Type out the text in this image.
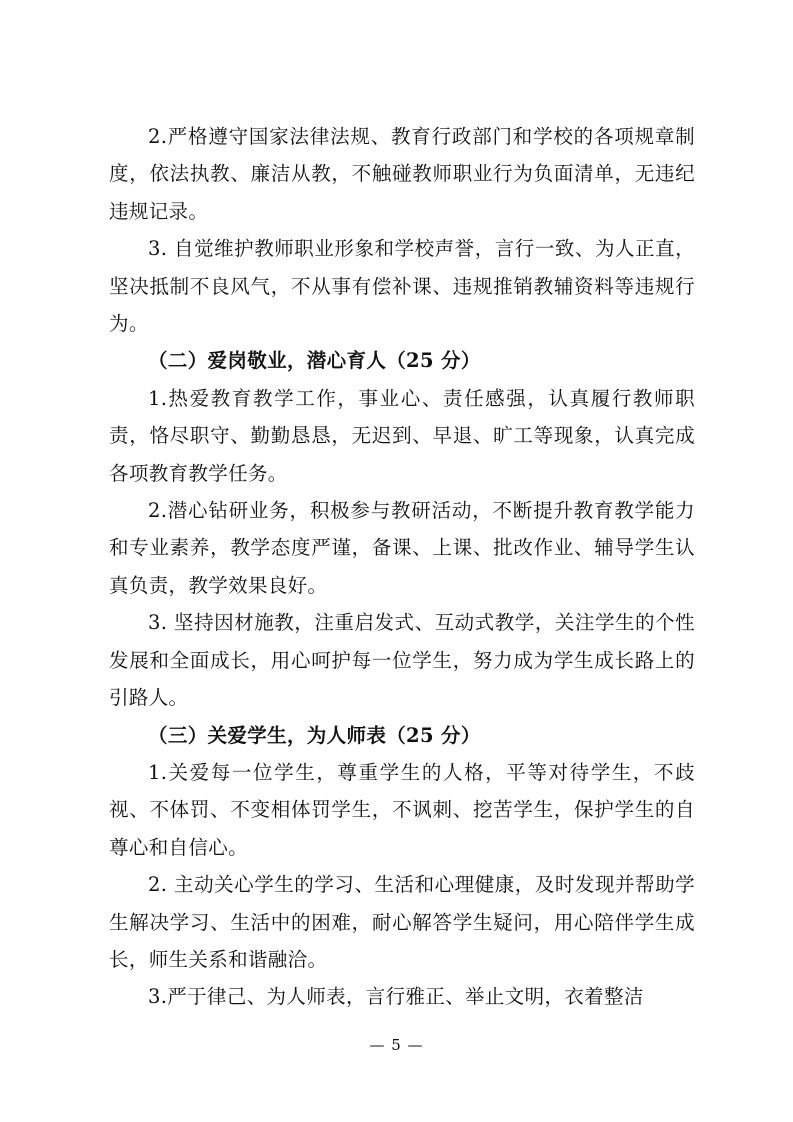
2.严格遵守国家法律法规、教育行政部门和学校的各项规章制度，依法执教、廉洁从教，不触碰教师职业行为负面清单，无违纪违规记录。

3. 自觉维护教师职业形象和学校声誉，言行一致、为人正直，坚决抵制不良风气，不从事有偿补课、违规推销教辅资料等违规行为。

（二）爱岗敬业，潜心育人（25 分）

1.热爱教育教学工作，事业心、责任感强，认真履行教师职责，恪尽职守、勤勤恳恳，无迟到、早退、旷工等现象，认真完成各项教育教学任务。

2.潜心钻研业务，积极参与教研活动，不断提升教育教学能力和专业素养，教学态度严谨，备课、上课、批改作业、辅导学生认真负责，教学效果良好。

3. 坚持因材施教，注重启发式、互动式教学，关注学生的个性发展和全面成长，用心呵护每一位学生，努力成为学生成长路上的引路人。

（三）关爱学生，为人师表（25 分）

1.关爱每一位学生，尊重学生的人格，平等对待学生，不歧视、不体罚、不变相体罚学生，不讽刺、挖苦学生，保护学生的自尊心和自信心。

2. 主动关心学生的学习、生活和心理健康，及时发现并帮助学生解决学习、生活中的困难，耐心解答学生疑问，用心陪伴学生成长，师生关系和谐融洽。

3.严于律己、为人师表，言行雅正、举止文明，衣着整洁

— 5 —
